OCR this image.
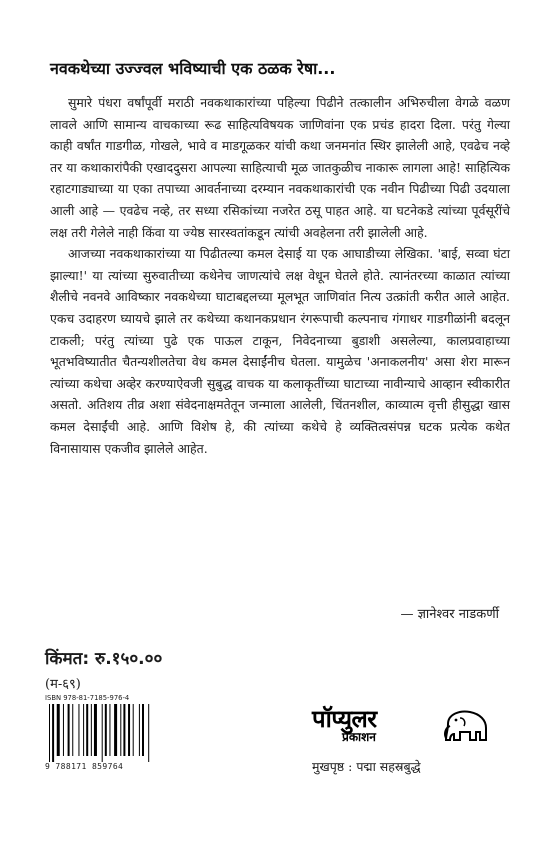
नवकथेच्या उज्ज्वल भविष्याची एक ठळक रेषा...

सुमारे पंधरा वर्षांपूर्वी मराठी नवकथाकारांच्या पहिल्या पिढीने तत्कालीन अभिरुचीला वेगळे वळण लावले आणि सामान्य वाचकाच्या रूढ साहित्यविषयक जाणिवांना एक प्रचंड हादरा दिला. परंतु गेल्या काही वर्षांत गाडगीळ, गोखले, भावे व माडगूळकर यांची कथा जनमनांत स्थिर झालेली आहे, एवढेच नव्हे तर या कथाकारांपैकी एखाददुसरा आपल्या साहित्याची मूळ जातकुळीच नाकारू लागला आहे! साहित्यिक रहाटगाड्याच्या या एका तपाच्या आवर्तनाच्या दरम्यान नवकथाकारांची एक नवीन पिढीच्या पिढी उदयाला आली आहे — एवढेच नव्हे, तर सध्या रसिकांच्या नजरेत ठसू पाहत आहे. या घटनेकडे त्यांच्या पूर्वसूरींचे लक्ष तरी गेलेले नाही किंवा या ज्येष्ठ सारस्वतांकडून त्यांची अवहेलना तरी झालेली आहे.

आजच्या नवकथाकारांच्या या पिढीतल्या कमल देसाई या एक आघाडीच्या लेखिका. 'बाई, सव्वा घंटा झाल्या!' या त्यांच्या सुरुवातीच्या कथेनेच जाणत्यांचे लक्ष वेधून घेतले होते. त्यानंतरच्या काळात त्यांच्या शैलीचे नवनवे आविष्कार नवकथेच्या घाटाबद्दलच्या मूलभूत जाणिवांत नित्य उत्क्रांती करीत आले आहेत. एकच उदाहरण घ्यायचे झाले तर कथेच्या कथानकप्रधान रंगरूपाची कल्पनाच गंगाधर गाडगीळांनी बदलून टाकली; परंतु त्यांच्या पुढे एक पाऊल टाकून, निवेदनाच्या बुडाशी असलेल्या, कालप्रवाहाच्या भूतभविष्यातीत चैतन्यशीलतेचा वेध कमल देसाईंनीच घेतला. यामुळेच 'अनाकलनीय' असा शेरा मारून त्यांच्या कथेचा अव्हेर करण्याऐवजी सुबुद्ध वाचक या कलाकृतींच्या घाटाच्या नावीन्याचे आव्हान स्वीकारीत असतो. अतिशय तीव्र अशा संवेदनाक्षमतेतून जन्माला आलेली, चिंतनशील, काव्यात्म वृत्ती हीसुद्धा खास कमल देसाईंची आहे. आणि विशेष हे, की त्यांच्या कथेचे हे व्यक्तित्वसंपन्न घटक प्रत्येक कथेत विनासायास एकजीव झालेले आहेत.

— ज्ञानेश्वर नाडकर्णी
किंमत: रु.१५०.००
(म-६९)
ISBN 978-81-7185-976-4
9 788171 859764
पॉप्युलर
प्रकाशन
मुखपृष्ठ : पद्मा सहस्रबुद्धे
